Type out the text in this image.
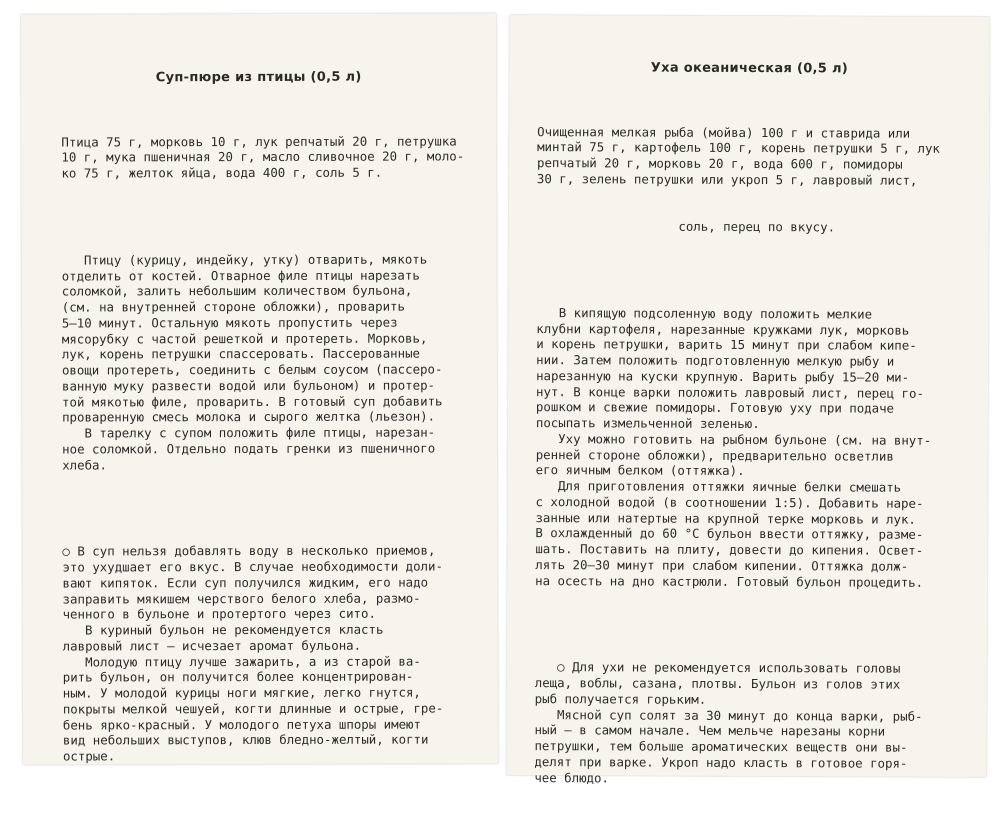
Суп-пюре из птицы (0,5 л)

Птица 75 г, морковь 10 г, лук репчатый 20 г, петрушка
10 г, мука пшеничная 20 г, масло сливочное 20 г, моло-
ко 75 г, желток яйца, вода 400 г, соль 5 г.

Птицу (курицу, индейку, утку) отварить, мякоть
отделить от костей. Отварное филе птицы нарезать
соломкой, залить небольшим количеством бульона,
(см. на внутренней стороне обложки), проварить
5—10 минут. Остальную мякоть пропустить через
мясорубку с частой решеткой и протереть. Морковь,
лук, корень петрушки спассеровать. Пассерованные
овощи протереть, соединить с белым соусом (пассеро-
ванную муку развести водой или бульоном) и протер-
той мякотью филе, проварить. В готовый суп добавить
проваренную смесь молока и сырого желтка (льезон).
В тарелку с супом положить филе птицы, нарезан-
ное соломкой. Отдельно подать гренки из пшеничного
хлеба.

○ В суп нельзя добавлять воду в несколько приемов,
это ухудшает его вкус. В случае необходимости доли-
вают кипяток. Если суп получился жидким, его надо
заправить мякишем черствого белого хлеба, размо-
ченного в бульоне и протертого через сито.
В куриный бульон не рекомендуется класть
лавровый лист — исчезает аромат бульона.
Молодую птицу лучше зажарить, а из старой ва-
рить бульон, он получится более концентрирован-
ным. У молодой курицы ноги мягкие, легко гнутся,
покрыты мелкой чешуей, когти длинные и острые, гре-
бень ярко-красный. У молодого петуха шпоры имеют
вид небольших выступов, клюв бледно-желтый, когти
острые.

Уха океаническая (0,5 л)

Очищенная мелкая рыба (мойва) 100 г и ставрида или
минтай 75 г, картофель 100 г, корень петрушки 5 г, лук
репчатый 20 г, морковь 20 г, вода 600 г, помидоры
30 г, зелень петрушки или укроп 5 г, лавровый лист,

соль, перец по вкусу.

В кипящую подсоленную воду положить мелкие
клубни картофеля, нарезанные кружками лук, морковь
и корень петрушки, варить 15 минут при слабом кипе-
нии. Затем положить подготовленную мелкую рыбу и
нарезанную на куски крупную. Варить рыбу 15—20 ми-
нут. В конце варки положить лавровый лист, перец го-
рошком и свежие помидоры. Готовую уху при подаче
посыпать измельченной зеленью.
Уху можно готовить на рыбном бульоне (см. на внут-
ренней стороне обложки), предварительно осветлив
его яичным белком (оттяжка).
Для приготовления оттяжки яичные белки смешать
с холодной водой (в соотношении 1:5). Добавить наре-
занные или натертые на крупной терке морковь и лук.
В охлажденный до 60 °С бульон ввести оттяжку, разме-
шать. Поставить на плиту, довести до кипения. Освет-
лять 20—30 минут при слабом кипении. Оттяжка долж-
на осесть на дно кастрюли. Готовый бульон процедить.

○ Для ухи не рекомендуется использовать головы
леща, воблы, сазана, плотвы. Бульон из голов этих
рыб получается горьким.
Мясной суп солят за 30 минут до конца варки, рыб-
ный — в самом начале. Чем мельче нарезаны корни
петрушки, тем больше ароматических веществ они вы-
делят при варке. Укроп надо класть в готовое горя-
чее блюдо.
